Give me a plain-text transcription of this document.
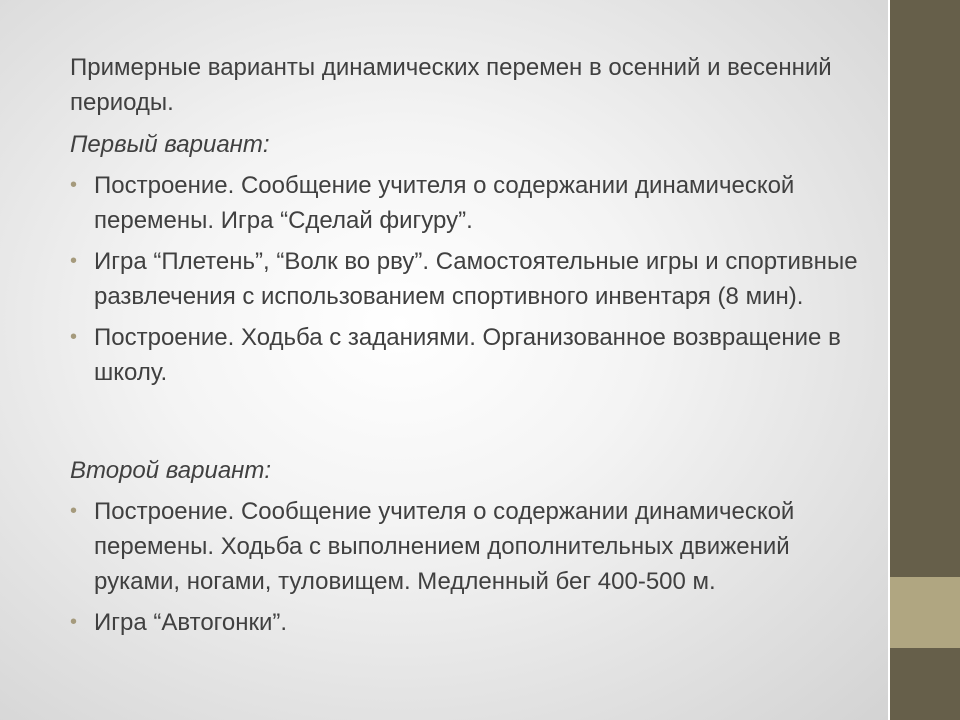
Примерные варианты динамических перемен в осенний и весенний периоды.

Первый вариант:

• Построение. Сообщение учителя о содержании динамической перемены. Игра “Сделай фигуру”.
• Игра “Плетень”, “Волк во рву”. Самостоятельные игры и спортивные развлечения с использованием спортивного инвентаря (8 мин).
• Построение. Ходьба с заданиями. Организованное возвращение в школу.

Второй вариант:

• Построение. Сообщение учителя о содержании динамической перемены. Ходьба с выполнением дополнительных движений руками, ногами, туловищем. Медленный бег 400-500 м.
• Игра “Автогонки”.
